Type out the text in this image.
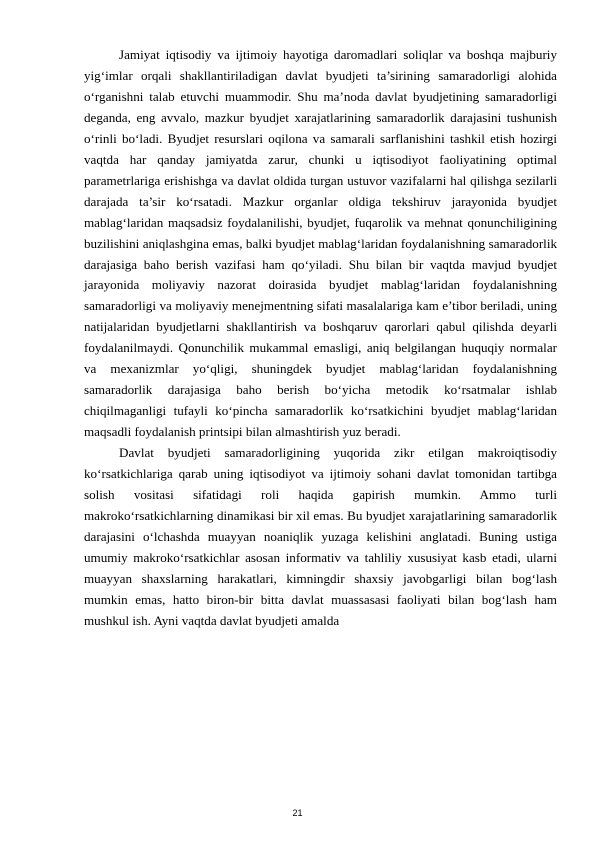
Jamiyat iqtisodiy va ijtimoiy hayotiga daromadlari soliqlar va boshqa majburiy yig‘imlar orqali shakllantiriladigan davlat byudjeti ta’sirining samaradorligi alohida o‘rganishni talab etuvchi muammodir. Shu ma’noda davlat byudjetining samaradorligi deganda, eng avvalo, mazkur byudjet xarajatlarining samaradorlik darajasini tushunish o‘rinli bo‘ladi. Byudjet resurslari oqilona va samarali sarflanishini tashkil etish hozirgi vaqtda har qanday jamiyatda zarur, chunki u iqtisodiyot faoliyatining optimal parametrlariga erishishga va davlat oldida turgan ustuvor vazifalarni hal qilishga sezilarli darajada ta’sir ko‘rsatadi. Mazkur organlar oldiga tekshiruv jarayonida byudjet mablag‘laridan maqsadsiz foydalanilishi, byudjet, fuqarolik va mehnat qonunchiligining buzilishini aniqlashgina emas, balki byudjet mablag‘laridan foydalanishning samaradorlik darajasiga baho berish vazifasi ham qo‘yiladi. Shu bilan bir vaqtda mavjud byudjet jarayonida moliyaviy nazorat doirasida byudjet mablag‘laridan foydalanishning samaradorligi va moliyaviy menejmentning sifati masalalariga kam e’tibor beriladi, uning natijalaridan byudjetlarni shakllantirish va boshqaruv qarorlari qabul qilishda deyarli foydalanilmaydi. Qonunchilik mukammal emasligi, aniq belgilangan huquqiy normalar va mexanizmlar yo‘qligi, shuningdek byudjet mablag‘laridan foydalanishning samaradorlik darajasiga baho berish bo‘yicha metodik ko‘rsatmalar ishlab chiqilmaganligi tufayli ko‘pincha samaradorlik ko‘rsatkichini byudjet mablag‘laridan maqsadli foydalanish printsipi bilan almashtirish yuz beradi.

Davlat byudjeti samaradorligining yuqorida zikr etilgan makroiqtisodiy ko‘rsatkichlariga qarab uning iqtisodiyot va ijtimoiy sohani davlat tomonidan tartibga solish vositasi sifatidagi roli haqida gapirish mumkin. Ammo turli makroko‘rsatkichlarning dinamikasi bir xil emas. Bu byudjet xarajatlarining samaradorlik darajasini o‘lchashda muayyan noaniqlik yuzaga kelishini anglatadi. Buning ustiga umumiy makroko‘rsatkichlar asosan informativ va tahliliy xususiyat kasb etadi, ularni muayyan shaxslarning harakatlari, kimningdir shaxsiy javobgarligi bilan bog‘lash mumkin emas, hatto biron-bir bitta davlat muassasasi faoliyati bilan bog‘lash ham mushkul ish. Ayni vaqtda davlat byudjeti amalda

21
